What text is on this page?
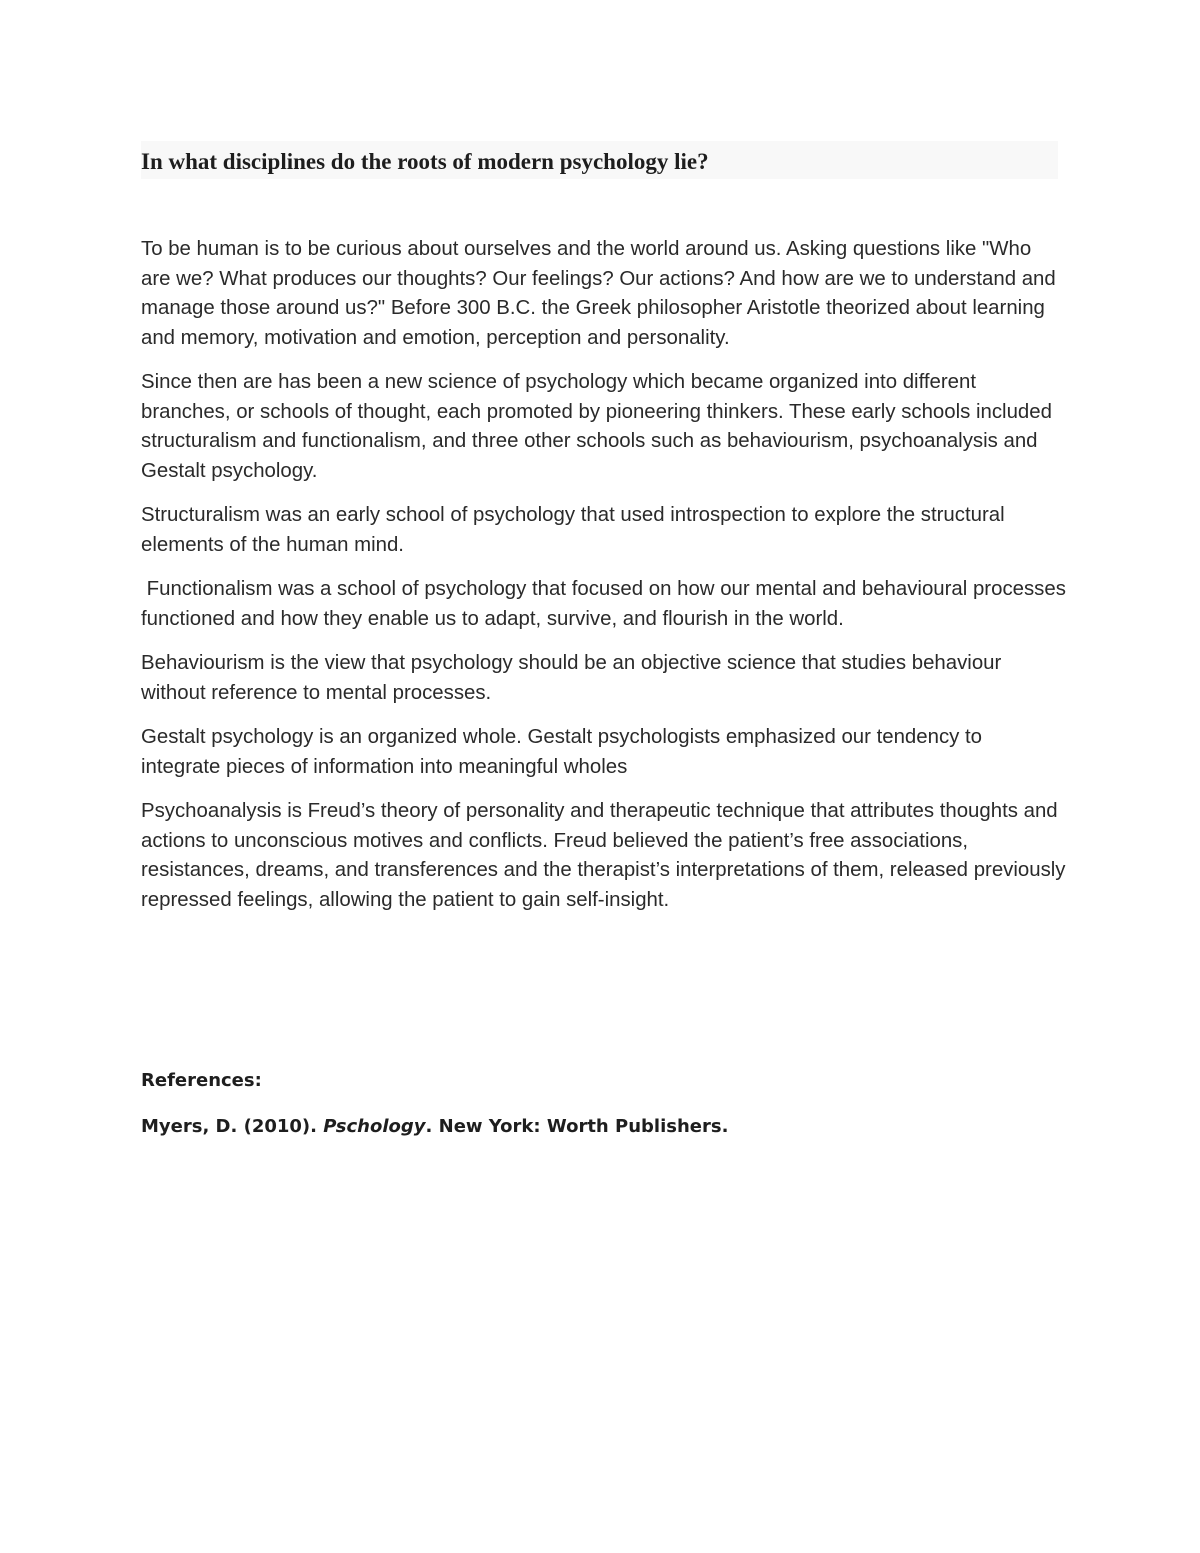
In what disciplines do the roots of modern psychology lie?

To be human is to be curious about ourselves and the world around us. Asking questions like "Who are we? What produces our thoughts? Our feelings? Our actions? And how are we to understand and manage those around us?" Before 300 B.C. the Greek philosopher Aristotle theorized about learning and memory, motivation and emotion, perception and personality.

Since then are has been a new science of psychology which became organized into different branches, or schools of thought, each promoted by pioneering thinkers. These early schools included structuralism and functionalism, and three other schools such as behaviourism, psychoanalysis and Gestalt psychology.

Structuralism was an early school of psychology that used introspection to explore the structural elements of the human mind.

Functionalism was a school of psychology that focused on how our mental and behavioural processes functioned and how they enable us to adapt, survive, and flourish in the world.

Behaviourism is the view that psychology should be an objective science that studies behaviour without reference to mental processes.

Gestalt psychology is an organized whole. Gestalt psychologists emphasized our tendency to integrate pieces of information into meaningful wholes

Psychoanalysis is Freud’s theory of personality and therapeutic technique that attributes thoughts and actions to unconscious motives and conflicts. Freud believed the patient’s free associations, resistances, dreams, and transferences and the therapist’s interpretations of them, released previously repressed feelings, allowing the patient to gain self-insight.

References:

Myers, D. (2010). Pschology. New York: Worth Publishers.
